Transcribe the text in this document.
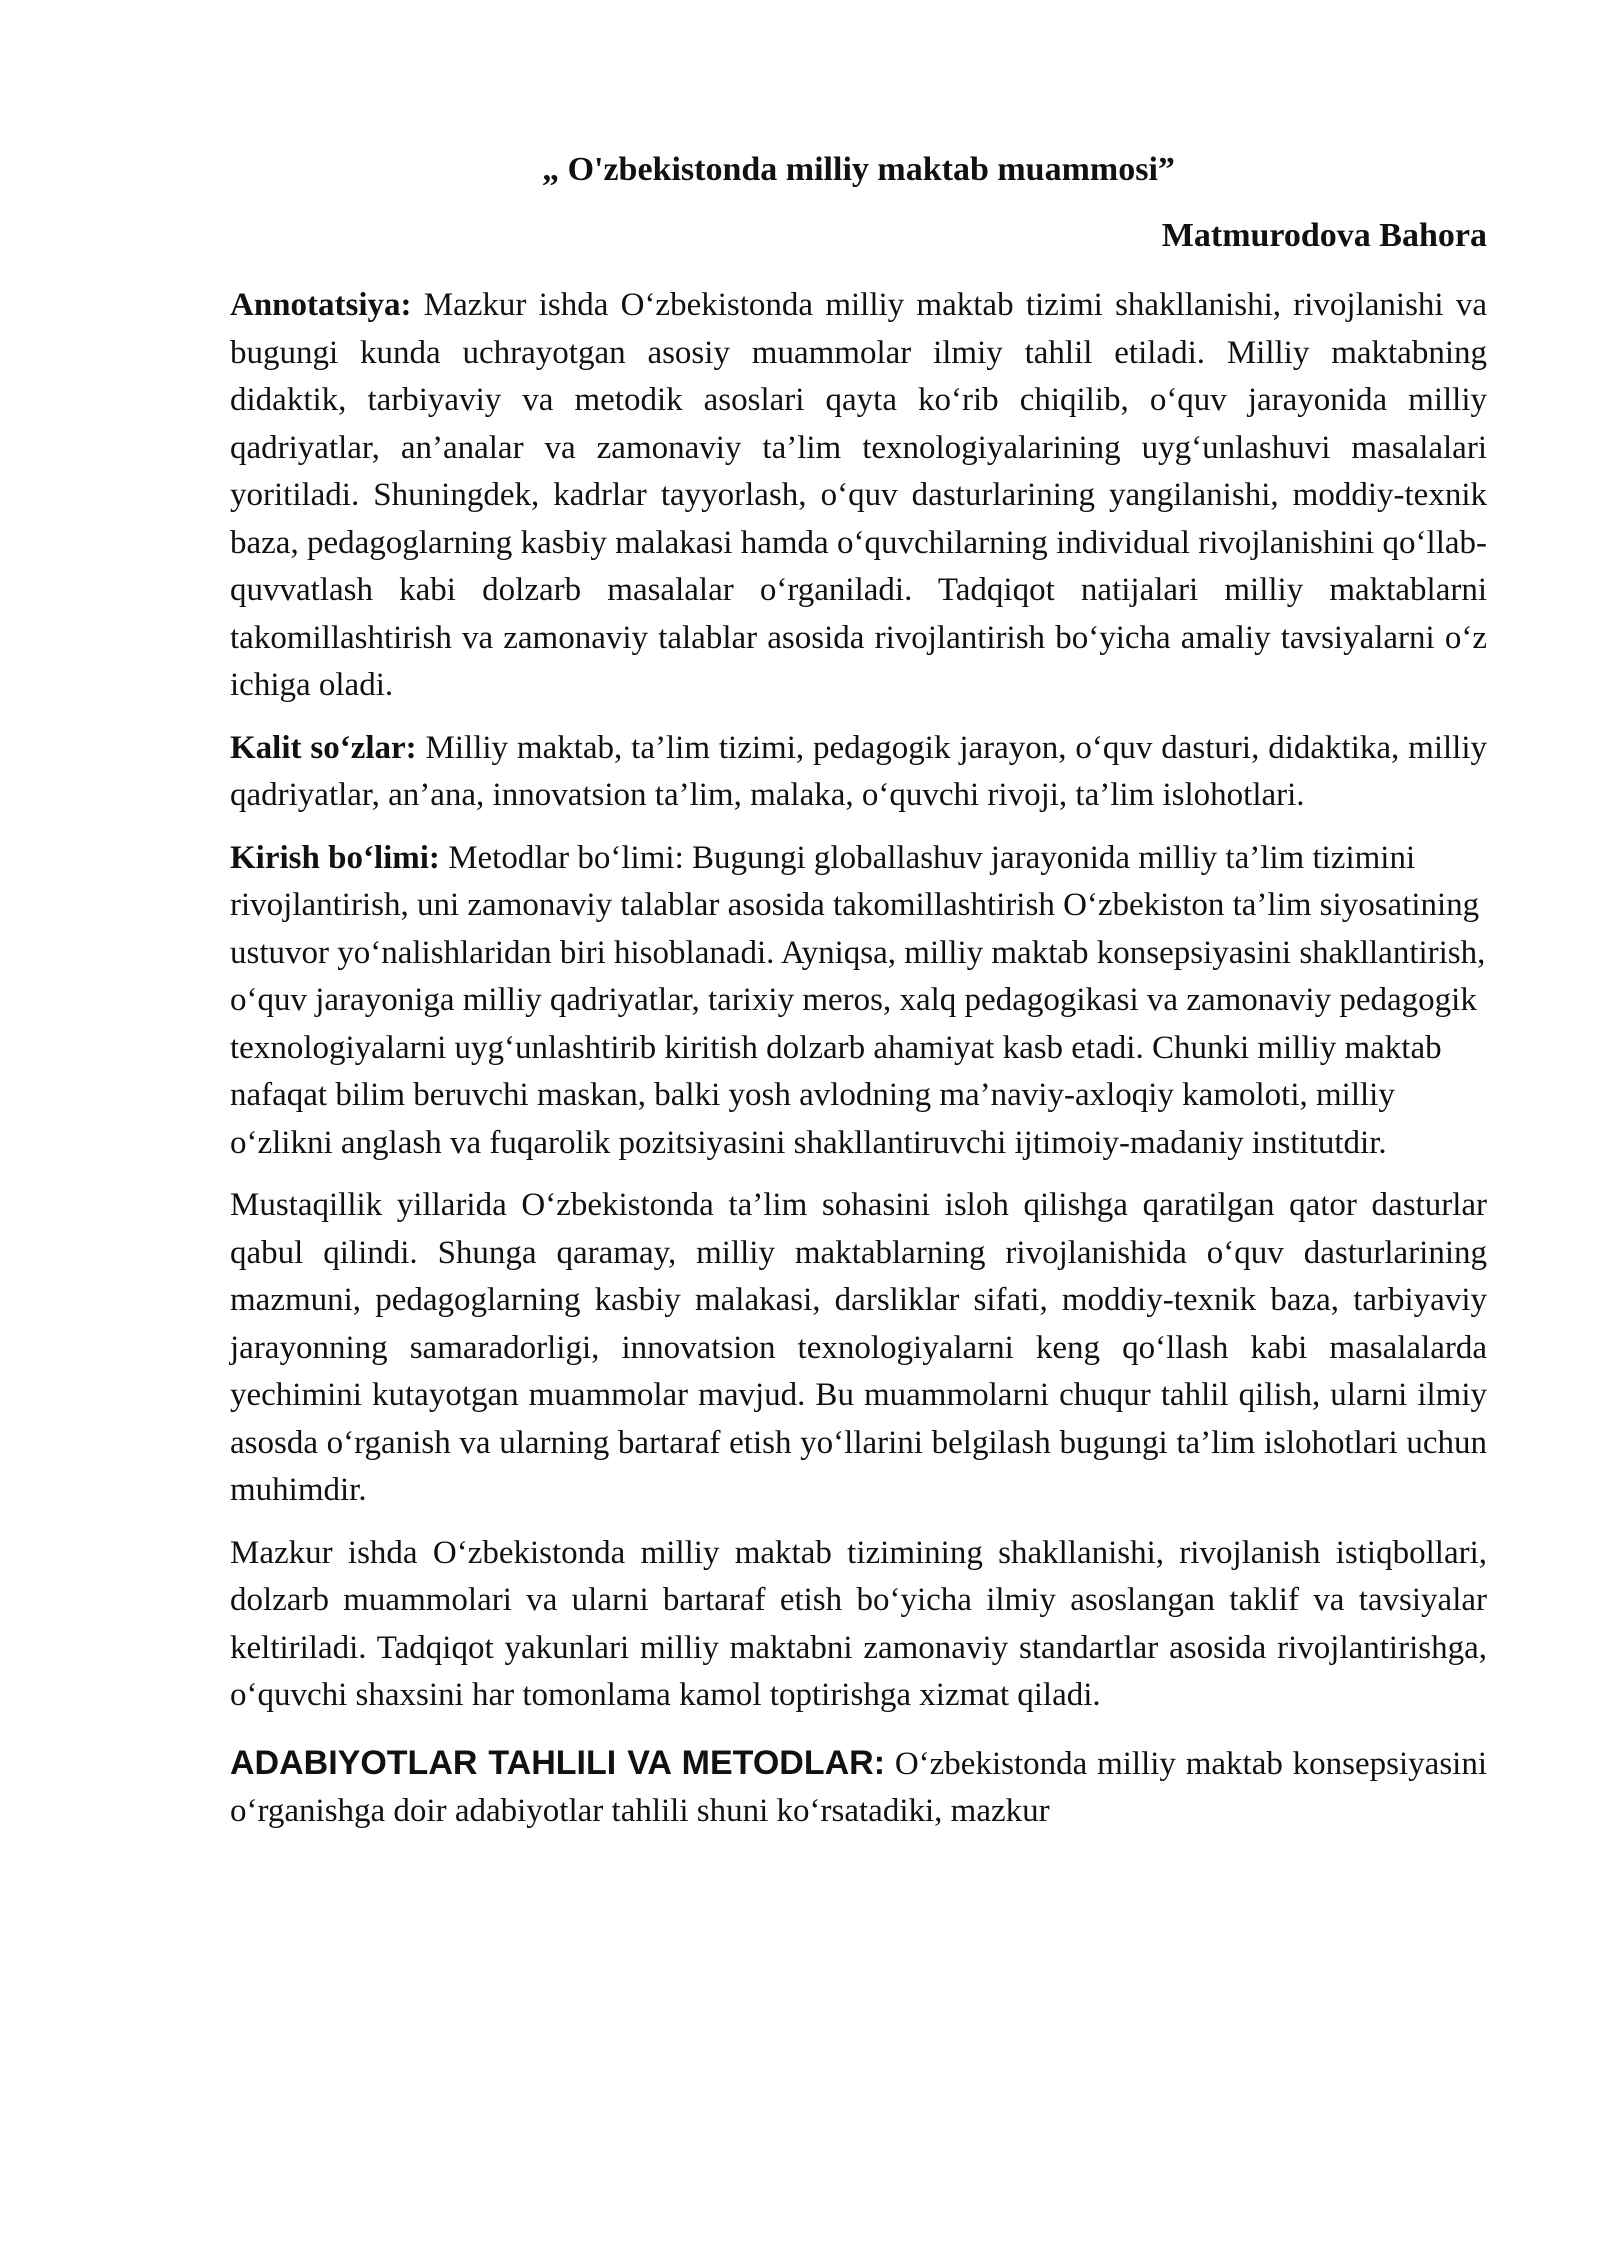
„ O'zbekistonda milliy maktab muammosi”
Matmurodova Bahora

Annotatsiya: Mazkur ishda O‘zbekistonda milliy maktab tizimi shakllanishi, rivojlanishi va bugungi kunda uchrayotgan asosiy muammolar ilmiy tahlil etiladi. Milliy maktabning didaktik, tarbiyaviy va metodik asoslari qayta ko‘rib chiqilib, o‘quv jarayonida milliy qadriyatlar, an’analar va zamonaviy ta’lim texnologiyalarining uyg‘unlashuvi masalalari yoritiladi. Shuningdek, kadrlar tayyorlash, o‘quv dasturlarining yangilanishi, moddiy-texnik baza, pedagoglarning kasbiy malakasi hamda o‘quvchilarning individual rivojlanishini qo‘llab-quvvatlash kabi dolzarb masalalar o‘rganiladi. Tadqiqot natijalari milliy maktablarni takomillashtirish va zamonaviy talablar asosida rivojlantirish bo‘yicha amaliy tavsiyalarni o‘z ichiga oladi.

Kalit so‘zlar: Milliy maktab, ta’lim tizimi, pedagogik jarayon, o‘quv dasturi, didaktika, milliy qadriyatlar, an’ana, innovatsion ta’lim, malaka, o‘quvchi rivoji, ta’lim islohotlari.

Kirish bo‘limi: Metodlar bo‘limi: Bugungi globallashuv jarayonida milliy ta’lim tizimini rivojlantirish, uni zamonaviy talablar asosida takomillashtirish O‘zbekiston ta’lim siyosatining ustuvor yo‘nalishlaridan biri hisoblanadi. Ayniqsa, milliy maktab konsepsiyasini shakllantirish, o‘quv jarayoniga milliy qadriyatlar, tarixiy meros, xalq pedagogikasi va zamonaviy pedagogik texnologiyalarni uyg‘unlashtirib kiritish dolzarb ahamiyat kasb etadi. Chunki milliy maktab nafaqat bilim beruvchi maskan, balki yosh avlodning ma’naviy-axloqiy kamoloti, milliy o‘zlikni anglash va fuqarolik pozitsiyasini shakllantiruvchi ijtimoiy-madaniy institutdir.

Mustaqillik yillarida O‘zbekistonda ta’lim sohasini isloh qilishga qaratilgan qator dasturlar qabul qilindi. Shunga qaramay, milliy maktablarning rivojlanishida o‘quv dasturlarining mazmuni, pedagoglarning kasbiy malakasi, darsliklar sifati, moddiy-texnik baza, tarbiyaviy jarayonning samaradorligi, innovatsion texnologiyalarni keng qo‘llash kabi masalalarda yechimini kutayotgan muammolar mavjud. Bu muammolarni chuqur tahlil qilish, ularni ilmiy asosda o‘rganish va ularning bartaraf etish yo‘llarini belgilash bugungi ta’lim islohotlari uchun muhimdir.

Mazkur ishda O‘zbekistonda milliy maktab tizimining shakllanishi, rivojlanish istiqbollari, dolzarb muammolari va ularni bartaraf etish bo‘yicha ilmiy asoslangan taklif va tavsiyalar keltiriladi. Tadqiqot yakunlari milliy maktabni zamonaviy standartlar asosida rivojlantirishga, o‘quvchi shaxsini har tomonlama kamol toptirishga xizmat qiladi.

ADABIYOTLAR TAHLILI VA METODLAR: O‘zbekistonda milliy maktab konsepsiyasini o‘rganishga doir adabiyotlar tahlili shuni ko‘rsatadiki, mazkur
